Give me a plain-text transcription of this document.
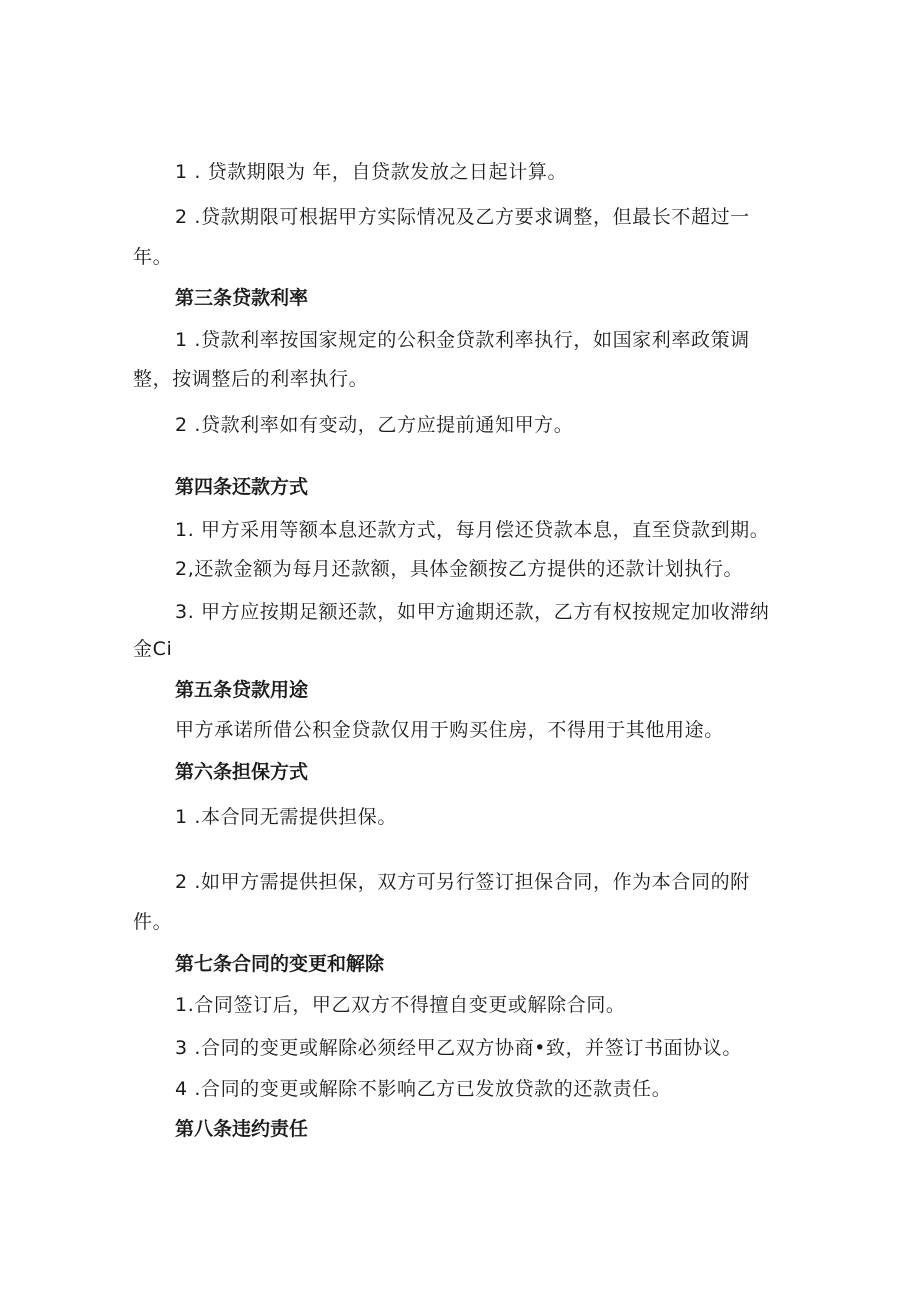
1 . 贷款期限为 年，自贷款发放之日起计算。
2 .贷款期限可根据甲方实际情况及乙方要求调整，但最长不超过一
年。
第三条贷款利率
1 .贷款利率按国家规定的公积金贷款利率执行，如国家利率政策调
整，按调整后的利率执行。
2 .贷款利率如有变动，乙方应提前通知甲方。
第四条还款方式
1. 甲方采用等额本息还款方式，每月偿还贷款本息，直至贷款到期。
2,还款金额为每月还款额，具体金额按乙方提供的还款计划执行。
3. 甲方应按期足额还款，如甲方逾期还款，乙方有权按规定加收滞纳
金Ci
第五条贷款用途
甲方承诺所借公积金贷款仅用于购买住房，不得用于其他用途。
第六条担保方式
1 .本合同无需提供担保。
2 .如甲方需提供担保，双方可另行签订担保合同，作为本合同的附
件。
第七条合同的变更和解除
1.合同签订后，甲乙双方不得擅自变更或解除合同。
3 .合同的变更或解除必须经甲乙双方协商•致，并签订书面协议。
4 .合同的变更或解除不影响乙方已发放贷款的还款责任。
第八条违约责任
